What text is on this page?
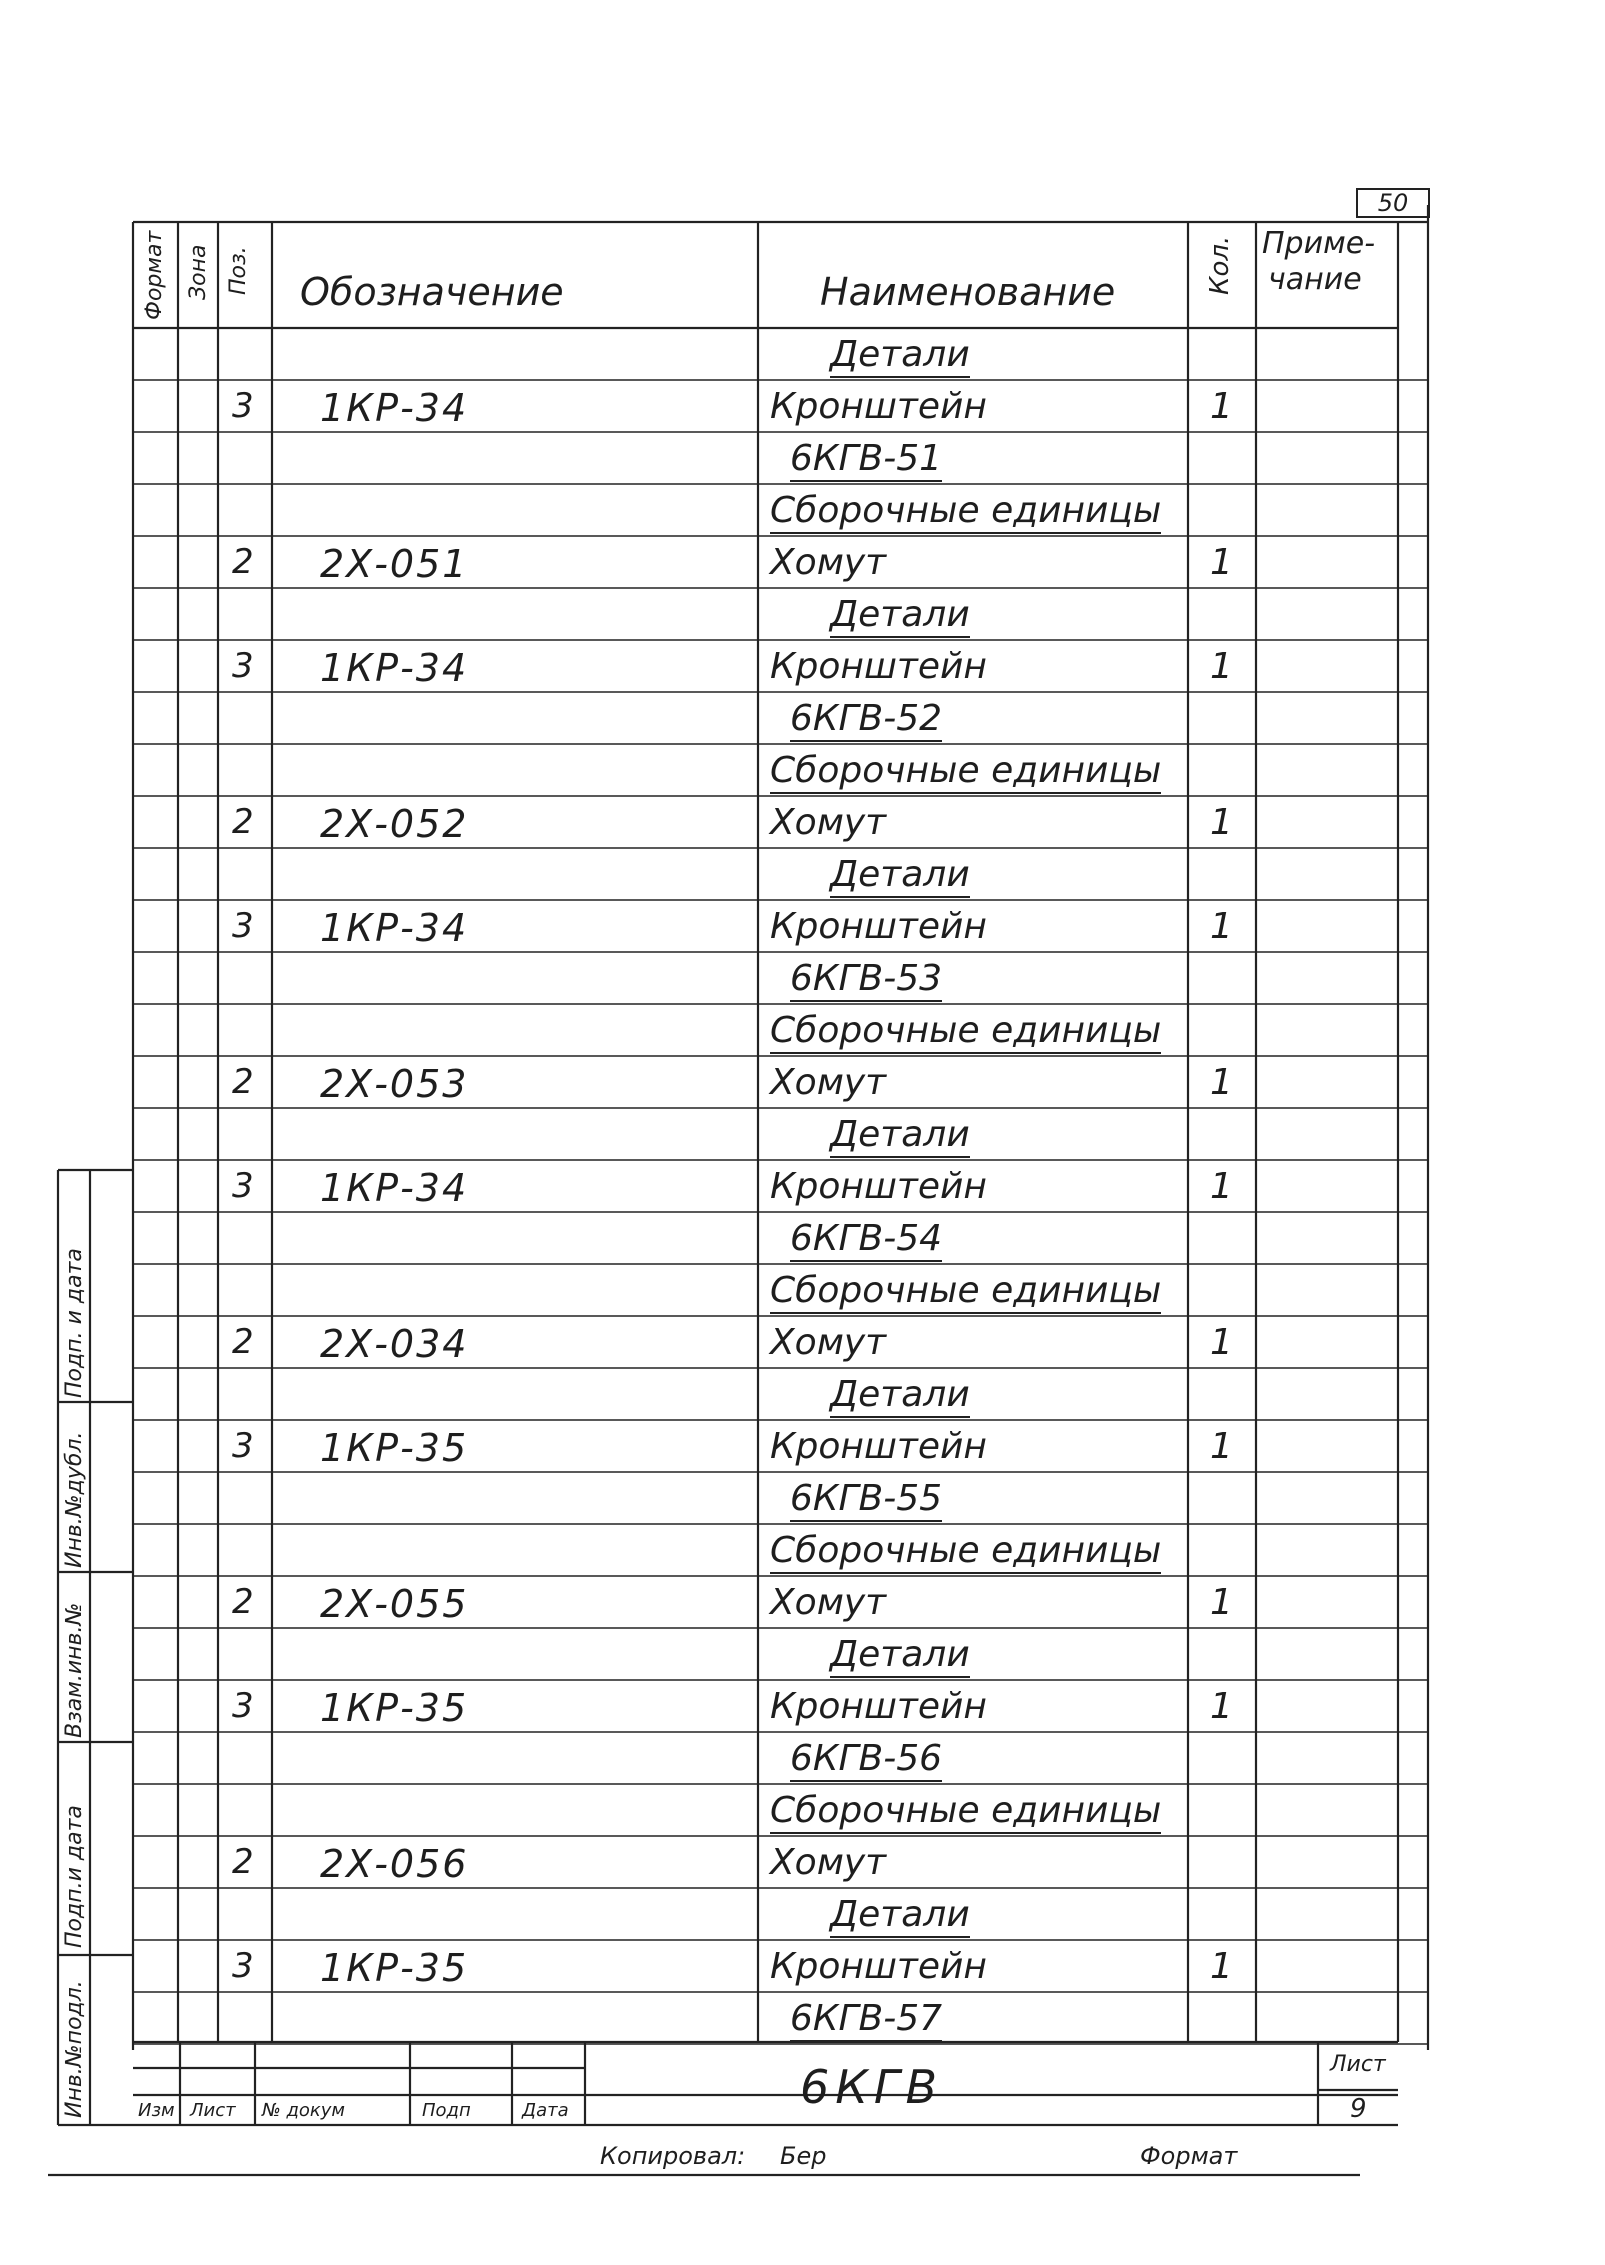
50
Формат Зона Поз. Обозначение	Наименование	Кол. Приме-
чание
Детали
3 1КР-34	Кронштейн	1
6КГВ-51
Сборочные единицы
2 2Х-051	Хомут	1
Детали
3 1КР-34	Кронштейн	1
6КГВ-52
Сборочные единицы
2 2Х-052	Хомут	1
Детали
3 1КР-34	Кронштейн	1
6КГВ-53
Сборочные единицы
2 2Х-053	Хомут	1
Детали
3 1КР-34	Кронштейн	1
6КГВ-54
Сборочные единицы
2 2Х-034	Хомут	1
Детали
3 1КР-35	Кронштейн	1
6КГВ-55
Сборочные единицы
2 2Х-055	Хомут	1
Детали
3 1КР-35	Кронштейн	1
6КГВ-56
Сборочные единицы
2 2Х-056	Хомут
Детали
3 1КР-35	Кронштейн	1
6КГВ-57
Инв.№подл.
Подп.и дата
Взам.инв.№
Инв.№дубл.
Подп. и дата
Изм Лист № докум	Подп	Дата	6КГВ	Лист
9
Копировал: Бер	Формат
